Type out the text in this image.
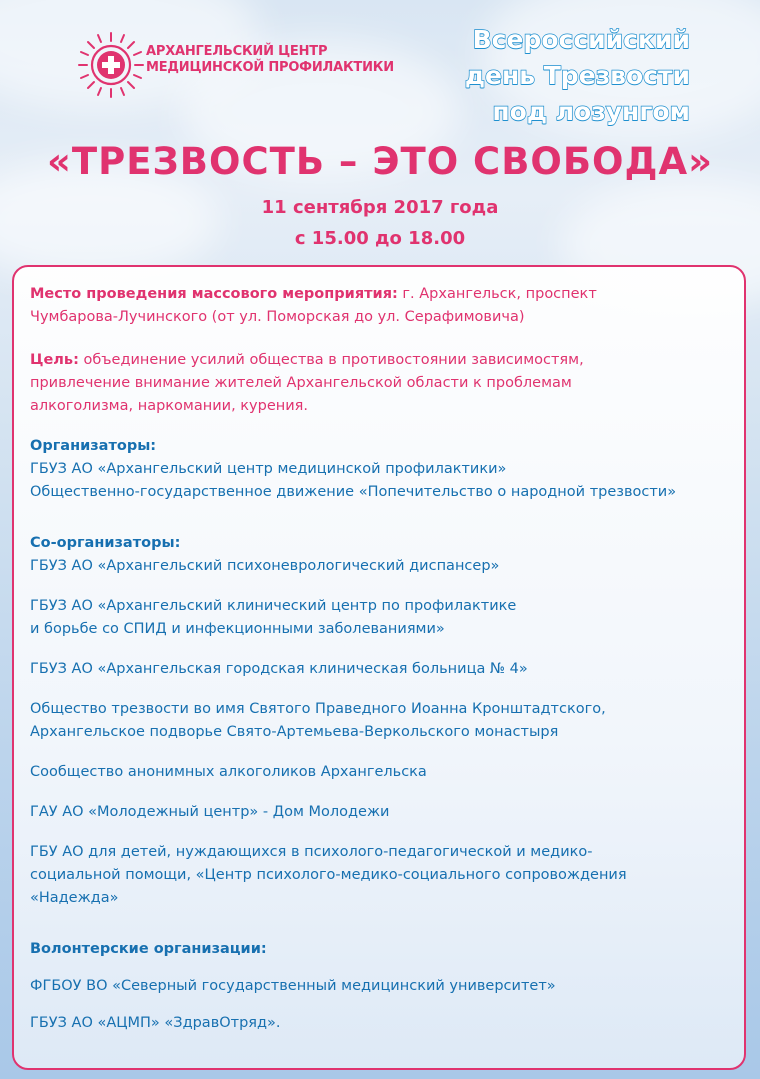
АРХАНГЕЛЬСКИЙ ЦЕНТР
МЕДИЦИНСКОЙ ПРОФИЛАКТИКИ
Всероссийский
день Трезвости
под лозунгом
«ТРЕЗВОСТЬ – ЭТО СВОБОДА»
11 сентября 2017 года
с 15.00 до 18.00

Место проведения массового мероприятия: г. Архангельск, проспект
Чумбарова-Лучинского (от ул. Поморская до ул. Серафимовича)

Цель: объединение усилий общества в противостоянии зависимостям,
привлечение внимание жителей Архангельской области к проблемам
алкоголизма, наркомании, курения.

Организаторы:

ГБУЗ АО «Архангельский центр медицинской профилактики»

Общественно-государственное движение «Попечительство о народной трезвости»

Со-организаторы:

ГБУЗ АО «Архангельский психоневрологический диспансер»

ГБУЗ АО «Архангельский клинический центр по профилактике
и борьбе со СПИД и инфекционными заболеваниями»

ГБУЗ АО «Архангельская городская клиническая больница № 4»

Общество трезвости во имя Святого Праведного Иоанна Кронштадтского,
Архангельское подворье Свято-Артемьева-Веркольского монастыря

Сообщество анонимных алкоголиков Архангельска

ГАУ АО «Молодежный центр» - Дом Молодежи

ГБУ АО для детей, нуждающихся в психолого-педагогической и медико-
социальной помощи, «Центр психолого-медико-социального сопровождения
«Надежда»

Волонтерские организации:

ФГБОУ ВО «Северный государственный медицинский университет»

ГБУЗ АО «АЦМП» «ЗдравОтряд».
